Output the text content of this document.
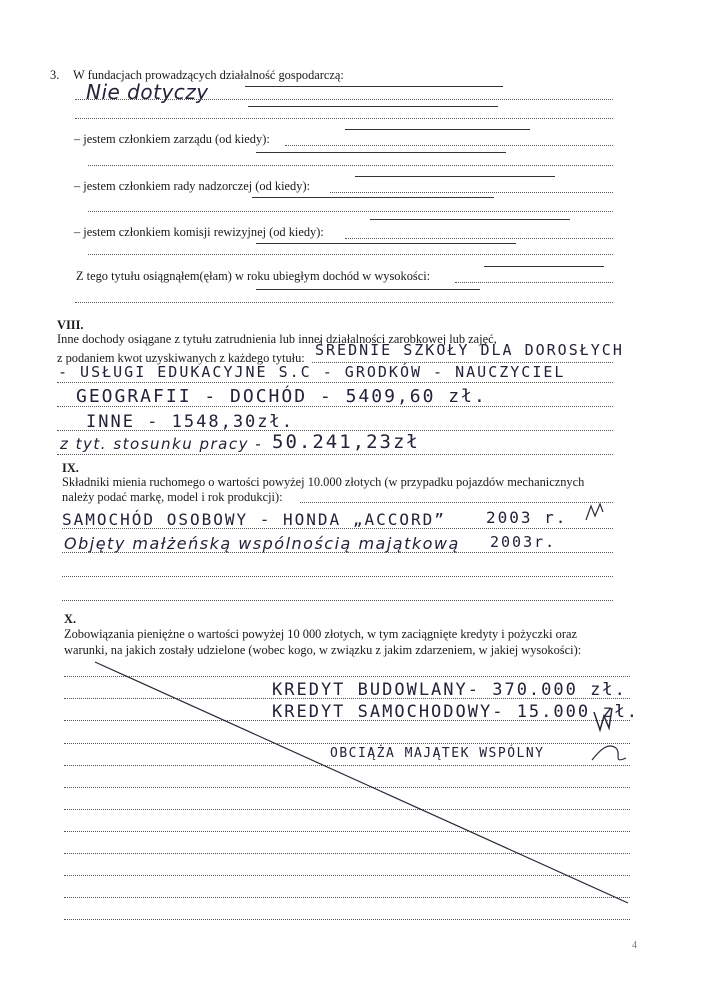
3. W fundacjach prowadzących działalność gospodarczą:
Nie dotyczy
– jestem członkiem zarządu (od kiedy):
– jestem członkiem rady nadzorczej (od kiedy):
– jestem członkiem komisji rewizyjnej (od kiedy):
Z tego tytułu osiągnąłem(ęłam) w roku ubiegłym dochód w wysokości:
VIII.
Inne dochody osiągane z tytułu zatrudnienia lub innej działalności zarobkowej lub zajęć,
z podaniem kwot uzyskiwanych z każdego tytułu: ŚREDNIE SZKOŁY DLA DOROSŁYCH
- USŁUGI EDUKACYJNE S.C - GRODKÓW - NAUCZYCIEL
GEOGRAFII - DOCHÓD - 5409,60 zł.
INNE - 1548,30zł.
z tyt. stosunku pracy - 50.241,23zł
IX.
Składniki mienia ruchomego o wartości powyżej 10.000 złotych (w przypadku pojazdów mechanicznych
należy podać markę, model i rok produkcji):
SAMOCHÓD OSOBOWY - HONDA „ACCORD”	2003 r.
Objęty małżeńską wspólnością majątkową 2003r.
X.
Zobowiązania pieniężne o wartości powyżej 10 000 złotych, w tym zaciągnięte kredyty i pożyczki oraz
warunki, na jakich zostały udzielone (wobec kogo, w związku z jakim zdarzeniem, w jakiej wysokości):
KREDYT BUDOWLANY- 370.000 zł.
KREDYT SAMOCHODOWY- 15.000 zł.
OBCIĄŻA MAJĄTEK WSPÓLNY
4
